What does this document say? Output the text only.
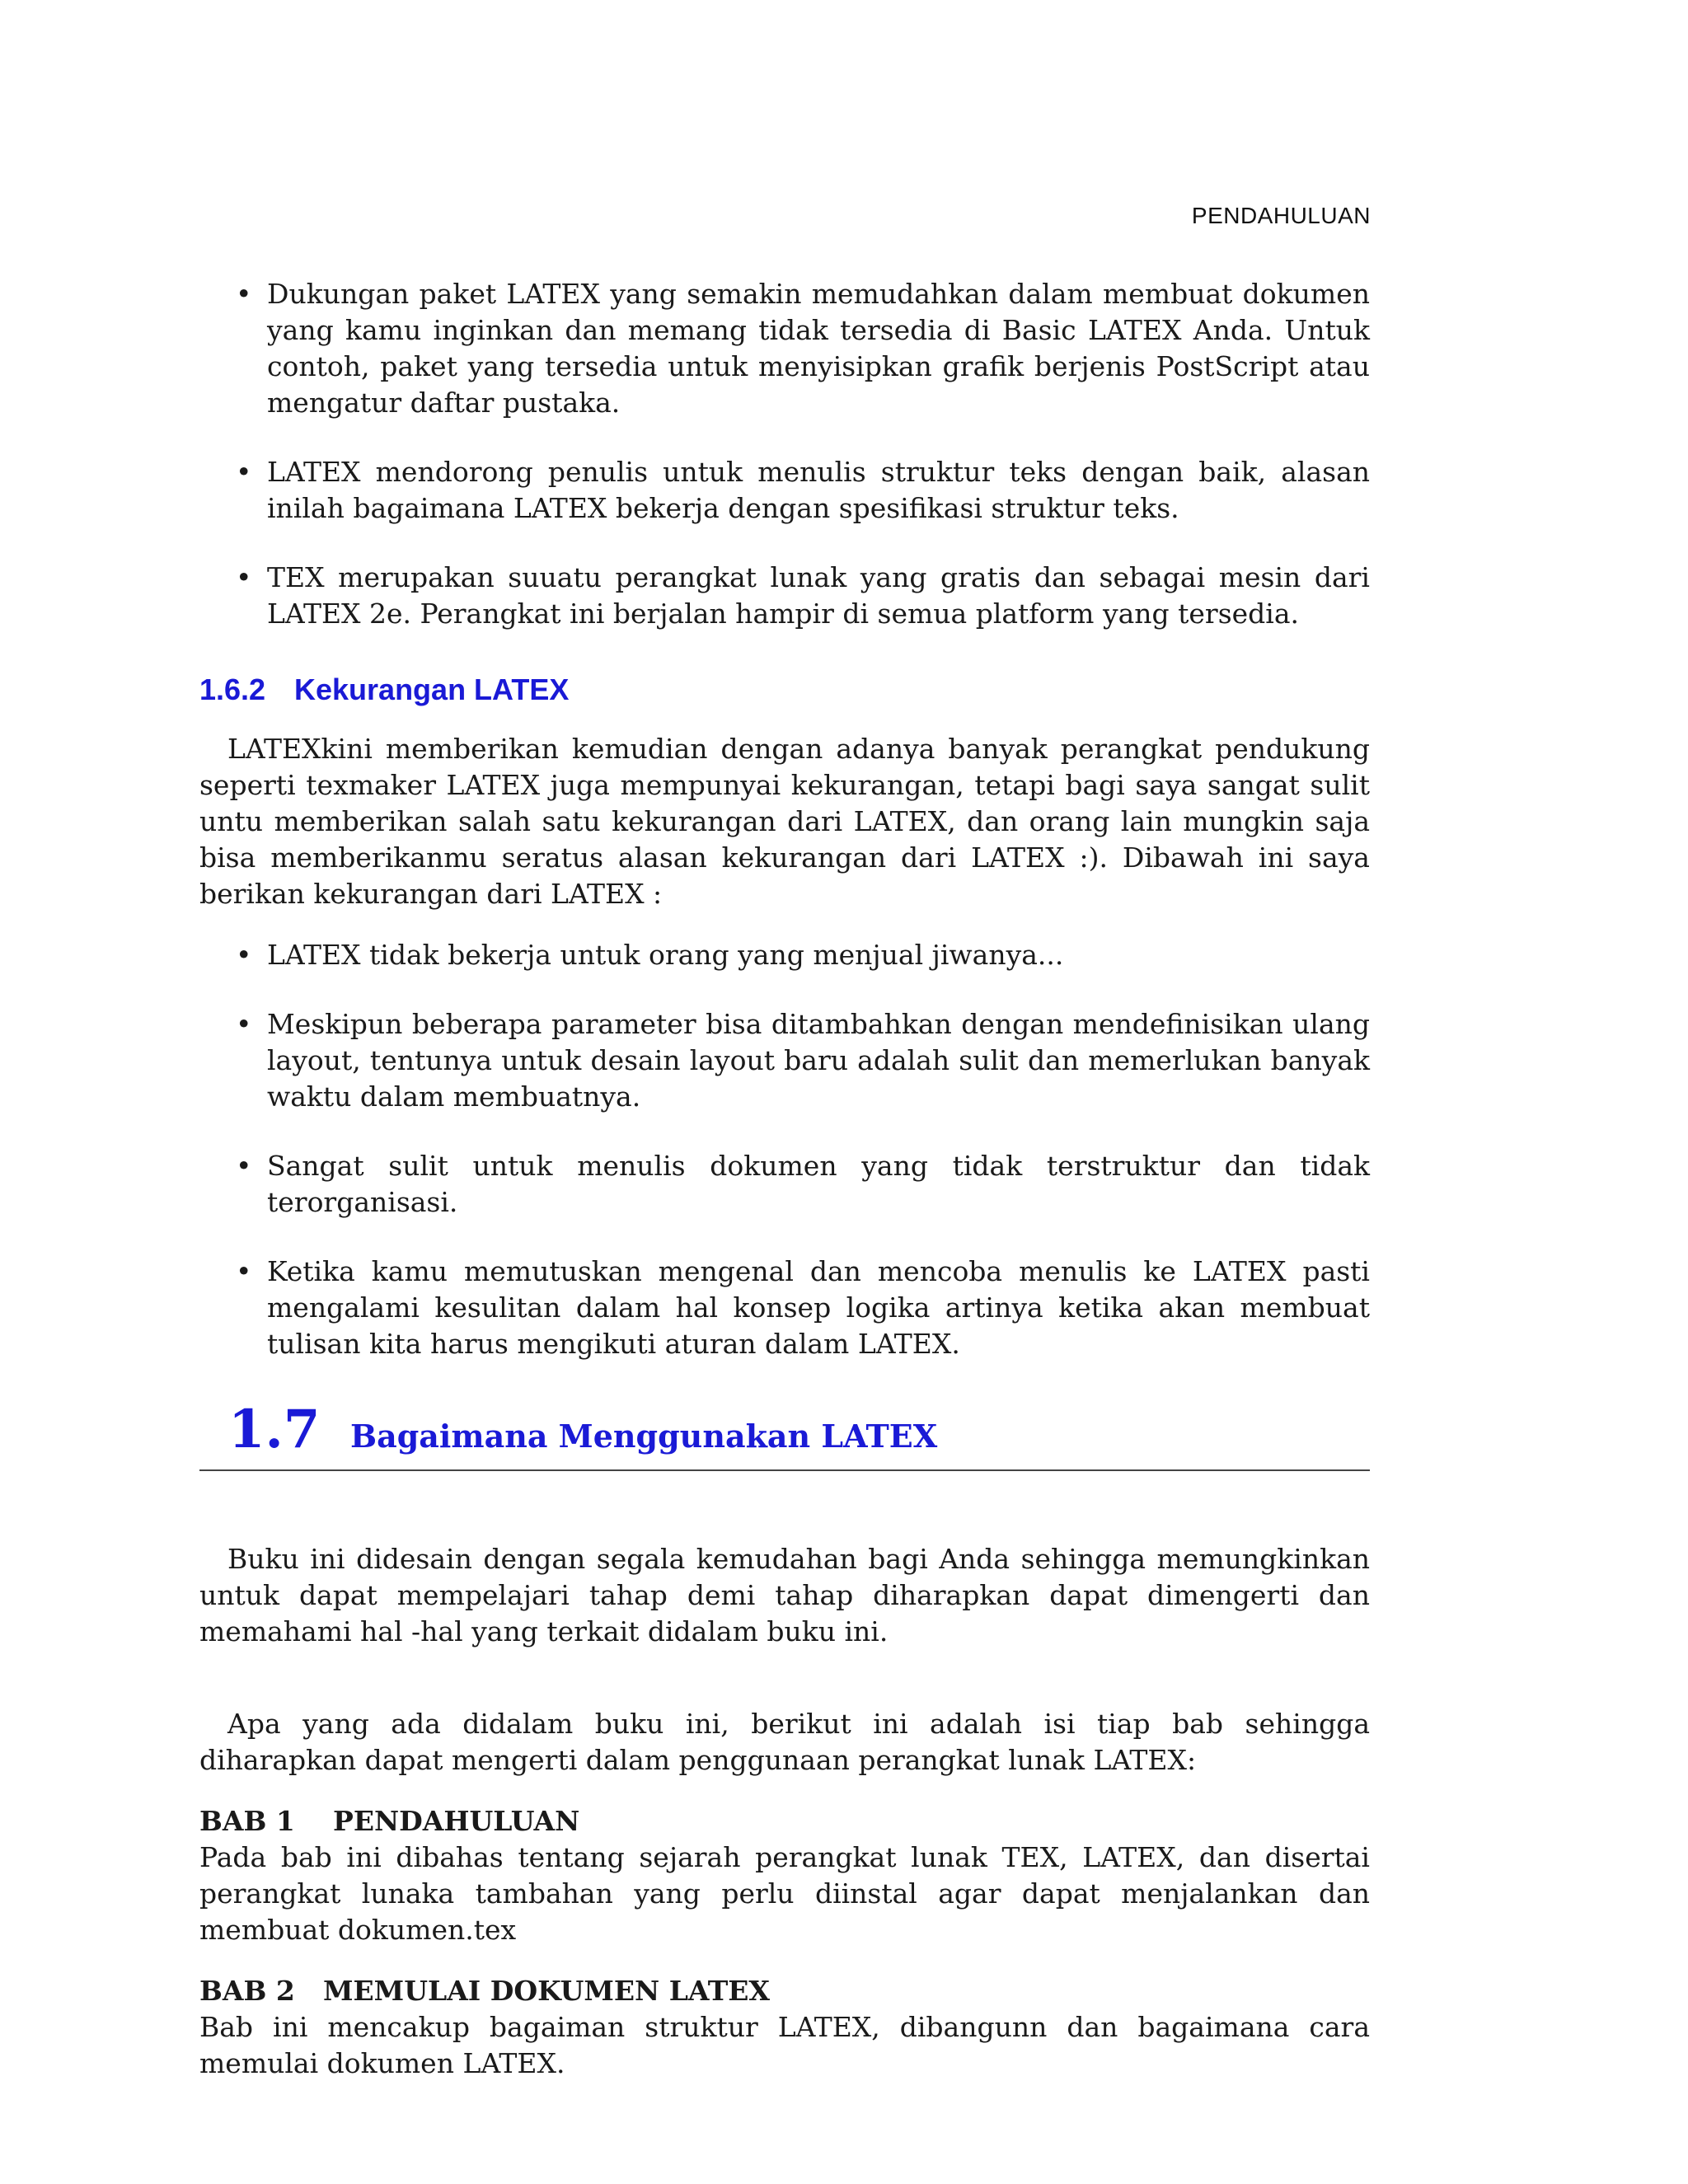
PENDAHULUAN
• Dukungan paket LATEX yang semakin memudahkan dalam membuat dokumen yang kamu inginkan dan memang tidak tersedia di Basic LATEX Anda. Untuk contoh, paket yang tersedia untuk menyisipkan grafik berjenis PostScript atau mengatur daftar pustaka.
• LATEX mendorong penulis untuk menulis struktur teks dengan baik, alasan inilah bagaimana LATEX bekerja dengan spesifikasi struktur teks.
• TEX merupakan suuatu perangkat lunak yang gratis dan sebagai mesin dari LATEX 2e. Perangkat ini berjalan hampir di semua platform yang tersedia.
1.6.2 Kekurangan LATEX

LATEXkini memberikan kemudian dengan adanya banyak perangkat pendukung seperti texmaker LATEX juga mempunyai kekurangan, tetapi bagi saya sangat sulit untu memberikan salah satu kekurangan dari LATEX, dan orang lain mungkin saja bisa memberikanmu seratus alasan kekurangan dari LATEX :). Dibawah ini saya berikan kekurangan dari LATEX :

• LATEX tidak bekerja untuk orang yang menjual jiwanya...
• Meskipun beberapa parameter bisa ditambahkan dengan mendefinisikan ulang layout, tentunya untuk desain layout baru adalah sulit dan memerlukan banyak waktu dalam membuatnya.
• Sangat sulit untuk menulis dokumen yang tidak terstruktur dan tidak terorganisasi.
• Ketika kamu memutuskan mengenal dan mencoba menulis ke LATEX pasti mengalami kesulitan dalam hal konsep logika artinya ketika akan membuat tulisan kita harus mengikuti aturan dalam LATEX.
1.7 Bagaimana Menggunakan LATEX

Buku ini didesain dengan segala kemudahan bagi Anda sehingga memungkinkan untuk dapat mempelajari tahap demi tahap diharapkan dapat dimengerti dan memahami hal -hal yang terkait didalam buku ini.

Apa yang ada didalam buku ini, berikut ini adalah isi tiap bab sehingga diharapkan dapat mengerti dalam penggunaan perangkat lunak LATEX:

BAB 1	PENDAHULUAN
Pada bab ini dibahas tentang sejarah perangkat lunak TEX, LATEX, dan disertai perangkat lunaka tambahan yang perlu diinstal agar dapat menjalankan dan membuat dokumen.tex
BAB 2	MEMULAI DOKUMEN LATEX
Bab ini mencakup bagaiman struktur LATEX, dibangunn dan bagaimana cara memulai dokumen LATEX.
